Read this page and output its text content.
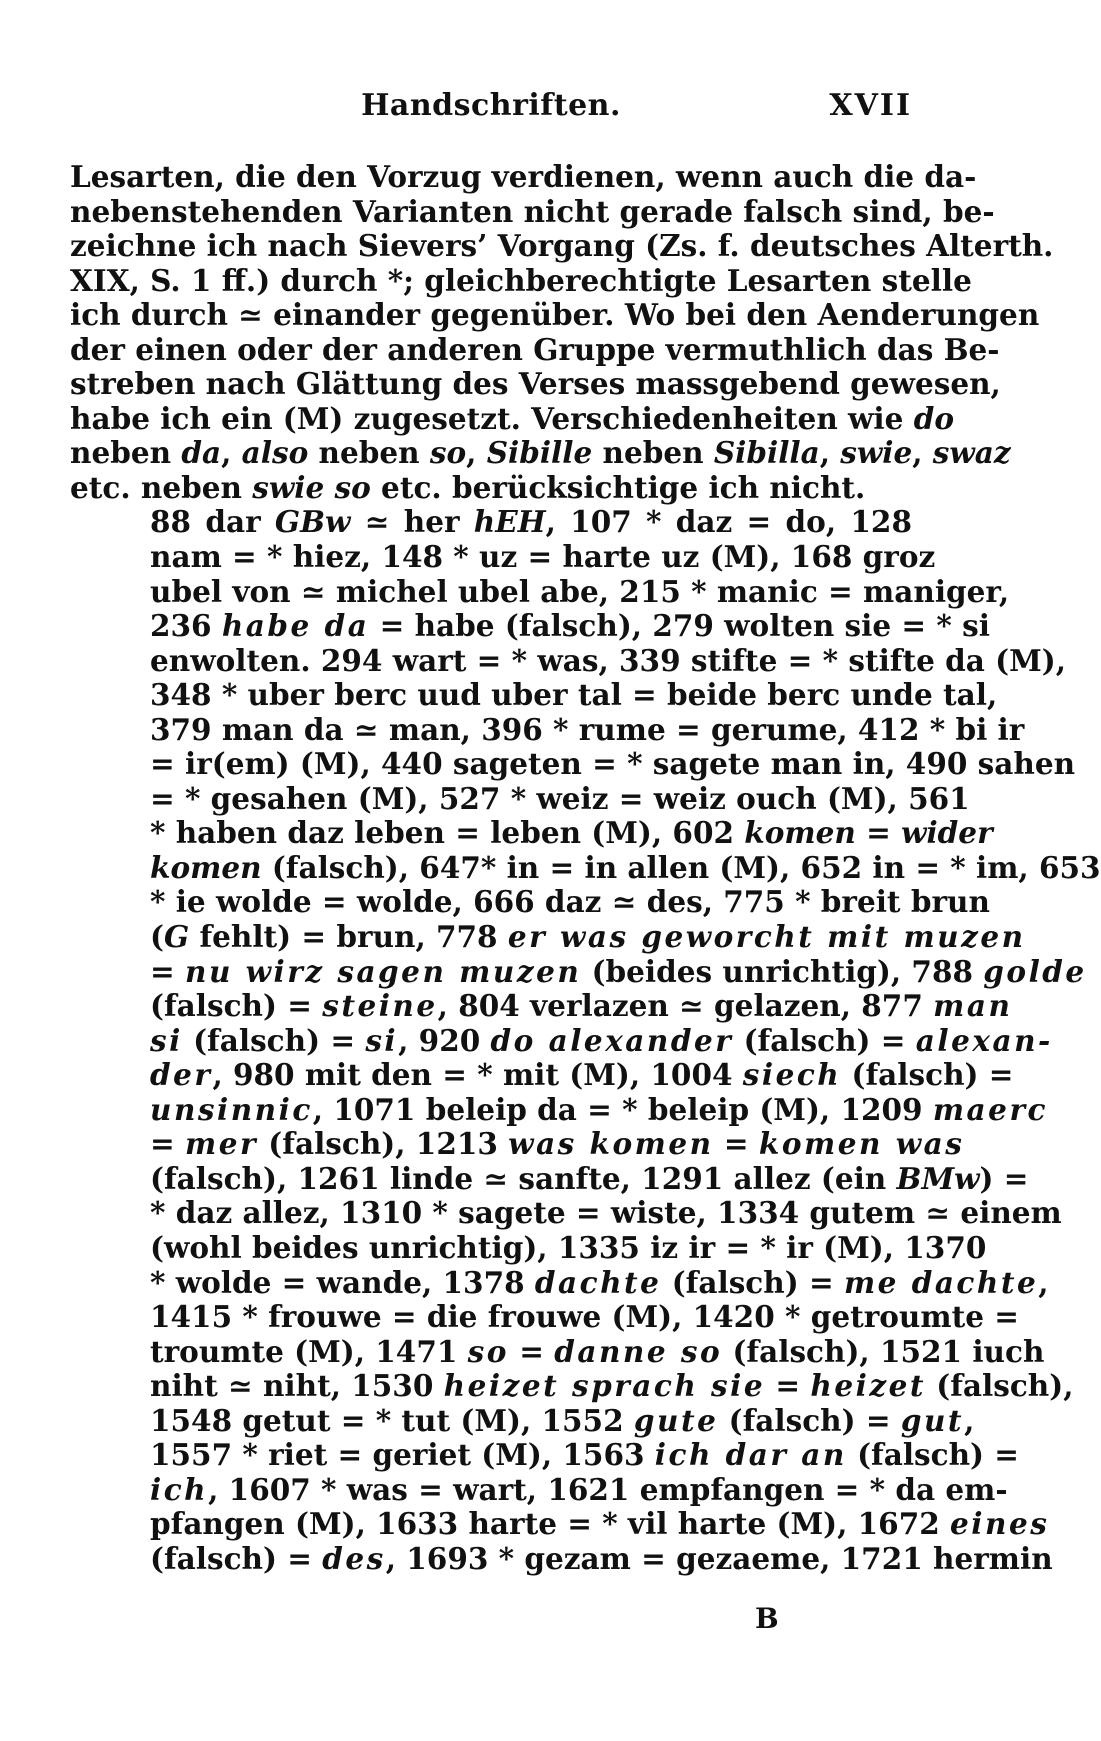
Handschriften.	XVII

Lesarten, die den Vorzug verdienen, wenn auch die da-
nebenstehenden Varianten nicht gerade falsch sind, be-
zeichne ich nach Sievers’ Vorgang (Zs. f. deutsches Alterth.
XIX, S. 1 ff.) durch *; gleichberechtigte Lesarten stelle
ich durch ≃ einander gegenüber. Wo bei den Aenderungen
der einen oder der anderen Gruppe vermuthlich das Be-
streben nach Glättung des Verses massgebend gewesen,
habe ich ein (M) zugesetzt. Verschiedenheiten wie do
neben da, also neben so, Sibille neben Sibilla, swie, swaz
etc. neben swie so etc. berücksichtige ich nicht.

88 dar GBw ≃ her hEH, 107 * daz = do, 128
nam = * hiez, 148 * uz = harte uz (M), 168 groz
ubel von ≃ michel ubel abe, 215 * manic = maniger,
236 habe da = habe (falsch), 279 wolten sie = * si
enwolten. 294 wart = * was, 339 stifte = * stifte da (M),
348 * uber berc uud uber tal = beide berc unde tal,
379 man da ≃ man, 396 * rume = gerume, 412 * bi ir
= ir(em) (M), 440 sageten = * sagete man in, 490 sahen
= * gesahen (M), 527 * weiz = weiz ouch (M), 561
* haben daz leben = leben (M), 602 komen = wider
komen (falsch), 647* in = in allen (M), 652 in = * im, 653
* ie wolde = wolde, 666 daz ≃ des, 775 * breit brun
(G fehlt) = brun, 778 er was geworcht mit muzen
= nu wirz sagen muzen (beides unrichtig), 788 golde
(falsch) = steine, 804 verlazen ≃ gelazen, 877 man
si (falsch) = si, 920 do alexander (falsch) = alexan-
der, 980 mit den = * mit (M), 1004 siech (falsch) =
unsinnic, 1071 beleip da = * beleip (M), 1209 maerc
= mer (falsch), 1213 was komen = komen was
(falsch), 1261 linde ≃ sanfte, 1291 allez (ein BMw) =
* daz allez, 1310 * sagete = wiste, 1334 gutem ≃ einem
(wohl beides unrichtig), 1335 iz ir = * ir (M), 1370
* wolde = wande, 1378 dachte (falsch) = me dachte,
1415 * frouwe = die frouwe (M), 1420 * getroumte =
troumte (M), 1471 so = danne so (falsch), 1521 iuch
niht ≃ niht, 1530 heizet sprach sie = heizet (falsch),
1548 getut = * tut (M), 1552 gute (falsch) = gut,
1557 * riet = geriet (M), 1563 ich dar an (falsch) =
ich, 1607 * was = wart, 1621 empfangen = * da em-
pfangen (M), 1633 harte = * vil harte (M), 1672 eines
(falsch) = des, 1693 * gezam = gezaeme, 1721 hermin

B
